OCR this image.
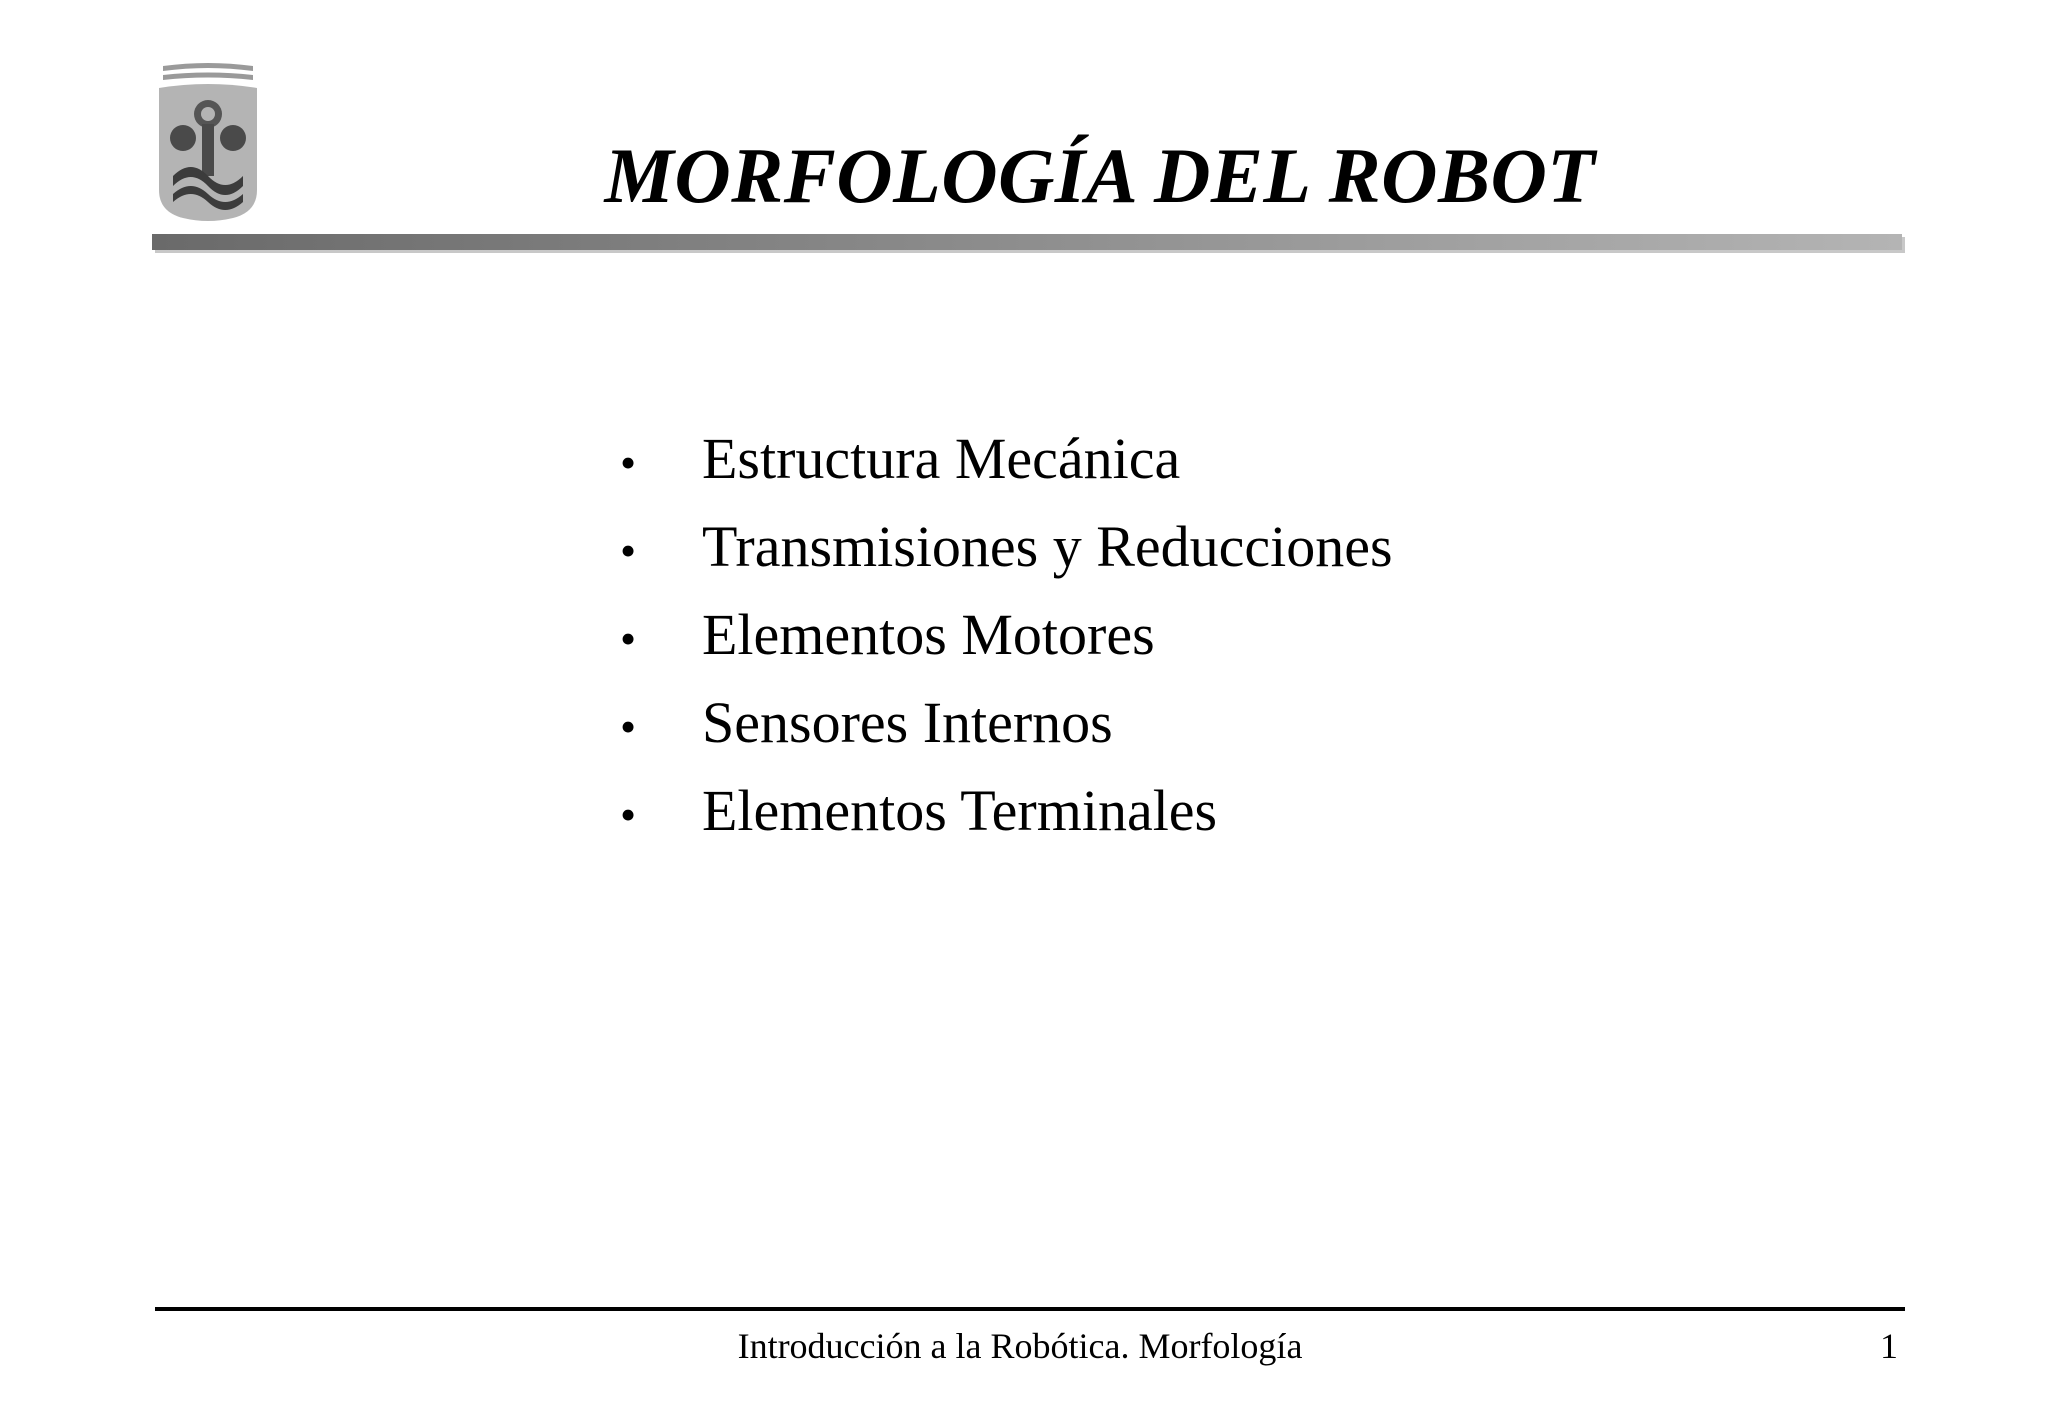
MORFOLOGÍA DEL ROBOT
•	Estructura Mecánica
•	Transmisiones y Reducciones
•	Elementos Motores
•	Sensores Internos
•	Elementos Terminales
Introducción a la Robótica. Morfología	1
